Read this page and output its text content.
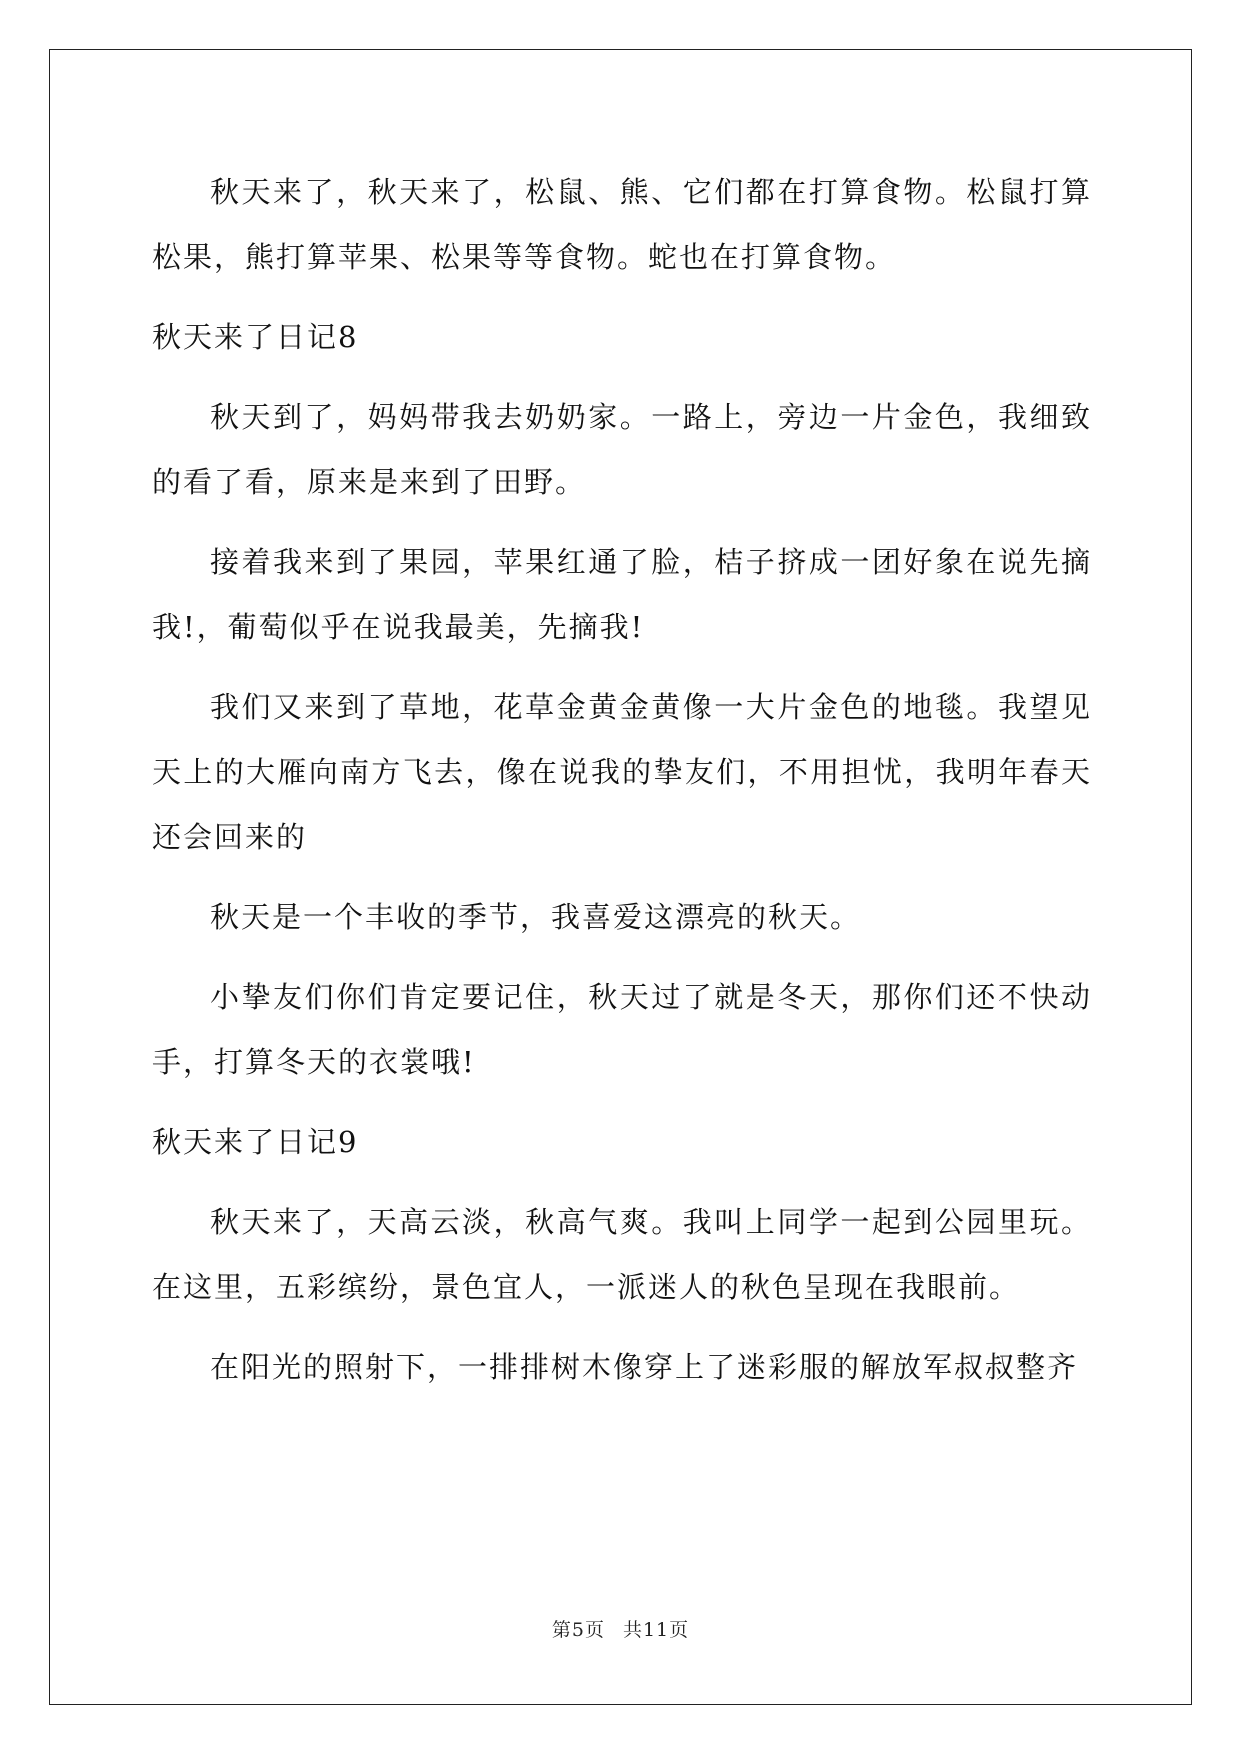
秋天来了，秋天来了，松鼠、熊、它们都在打算食物。松鼠打算松果，熊打算苹果、松果等等食物。蛇也在打算食物。

秋天来了日记8

秋天到了，妈妈带我去奶奶家。一路上，旁边一片金色，我细致的看了看，原来是来到了田野。

接着我来到了果园，苹果红通了脸，桔子挤成一团好象在说先摘我!，葡萄似乎在说我最美，先摘我!

我们又来到了草地，花草金黄金黄像一大片金色的地毯。我望见天上的大雁向南方飞去，像在说我的挚友们，不用担忧，我明年春天还会回来的

秋天是一个丰收的季节，我喜爱这漂亮的秋天。

小挚友们你们肯定要记住，秋天过了就是冬天，那你们还不快动手，打算冬天的衣裳哦!

秋天来了日记9

秋天来了，天高云淡，秋高气爽。我叫上同学一起到公园里玩。在这里，五彩缤纷，景色宜人，一派迷人的秋色呈现在我眼前。

在阳光的照射下，一排排树木像穿上了迷彩服的解放军叔叔整齐

第5页 共11页
